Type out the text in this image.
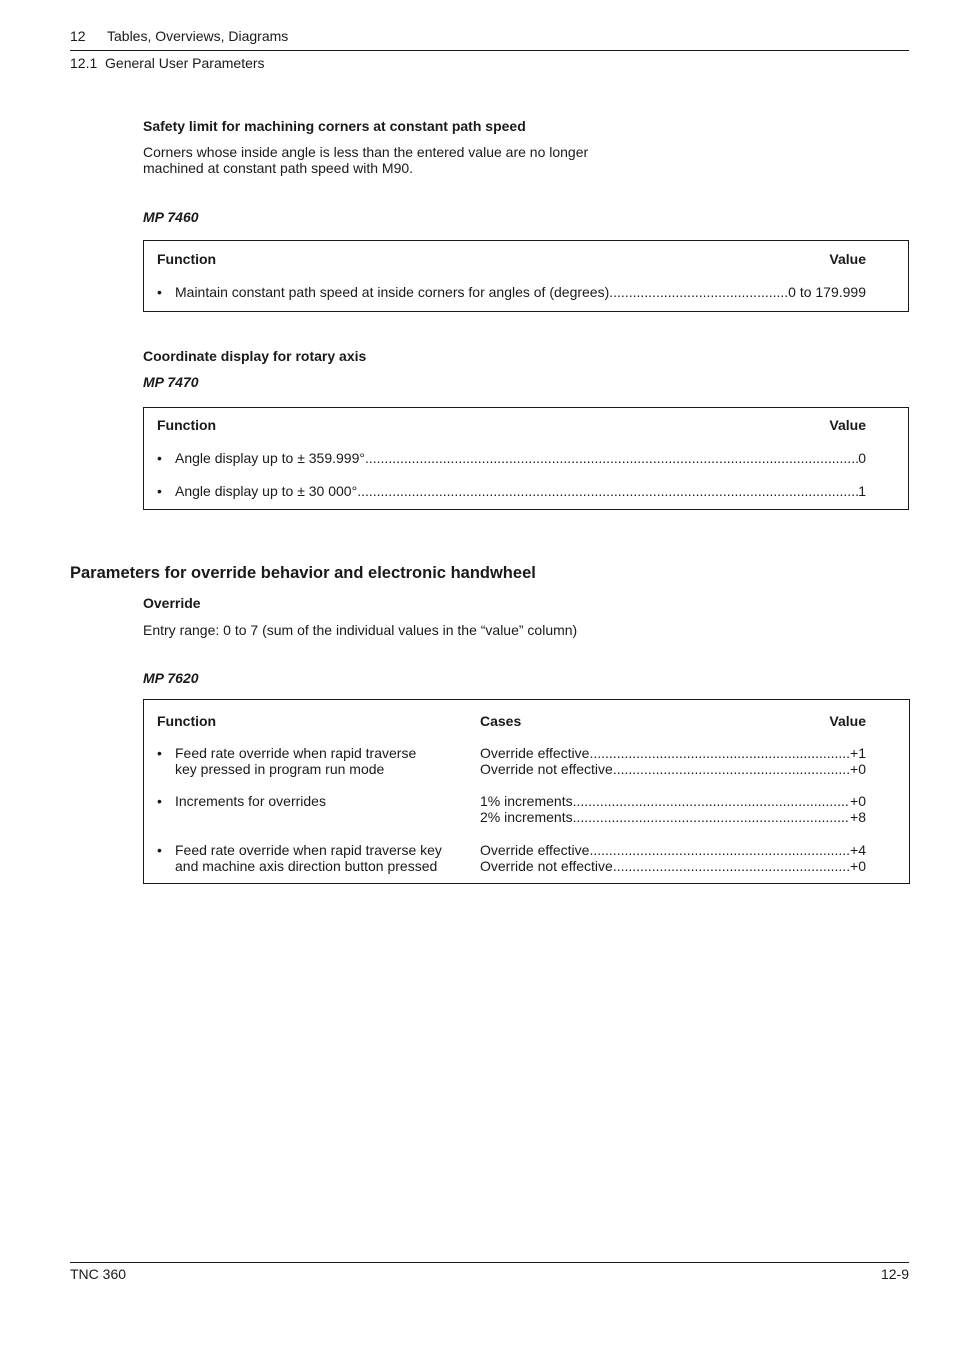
12 Tables, Overviews, Diagrams
12.1  General User Parameters
Safety limit for machining corners at constant path speed
Corners whose inside angle is less than the entered value are no longer
machined at constant path speed with M90.
MP 7460
Function	Value
• Maintain constant path speed at inside corners for angles of (degrees) .....	0 to 179.999
Coordinate display for rotary axis
MP 7470
Function	Value
• Angle display up to ± 359.999° .....	0
• Angle display up to ± 30 000° .....	1
Parameters for override behavior and electronic handwheel
Override
Entry range: 0 to 7 (sum of the individual values in the “value” column)
MP 7620
Function	Cases	Value
• Feed rate override when rapid traverse
key pressed in program run mode
Override effective .....	+1
Override not effective .....	+0
• Increments for overrides	1% increments .....	+0
2% increments .....	+8
• Feed rate override when rapid traverse key
and machine axis direction button pressed
Override effective .....	+4
Override not effective .....	+0
TNC 360	12-9
